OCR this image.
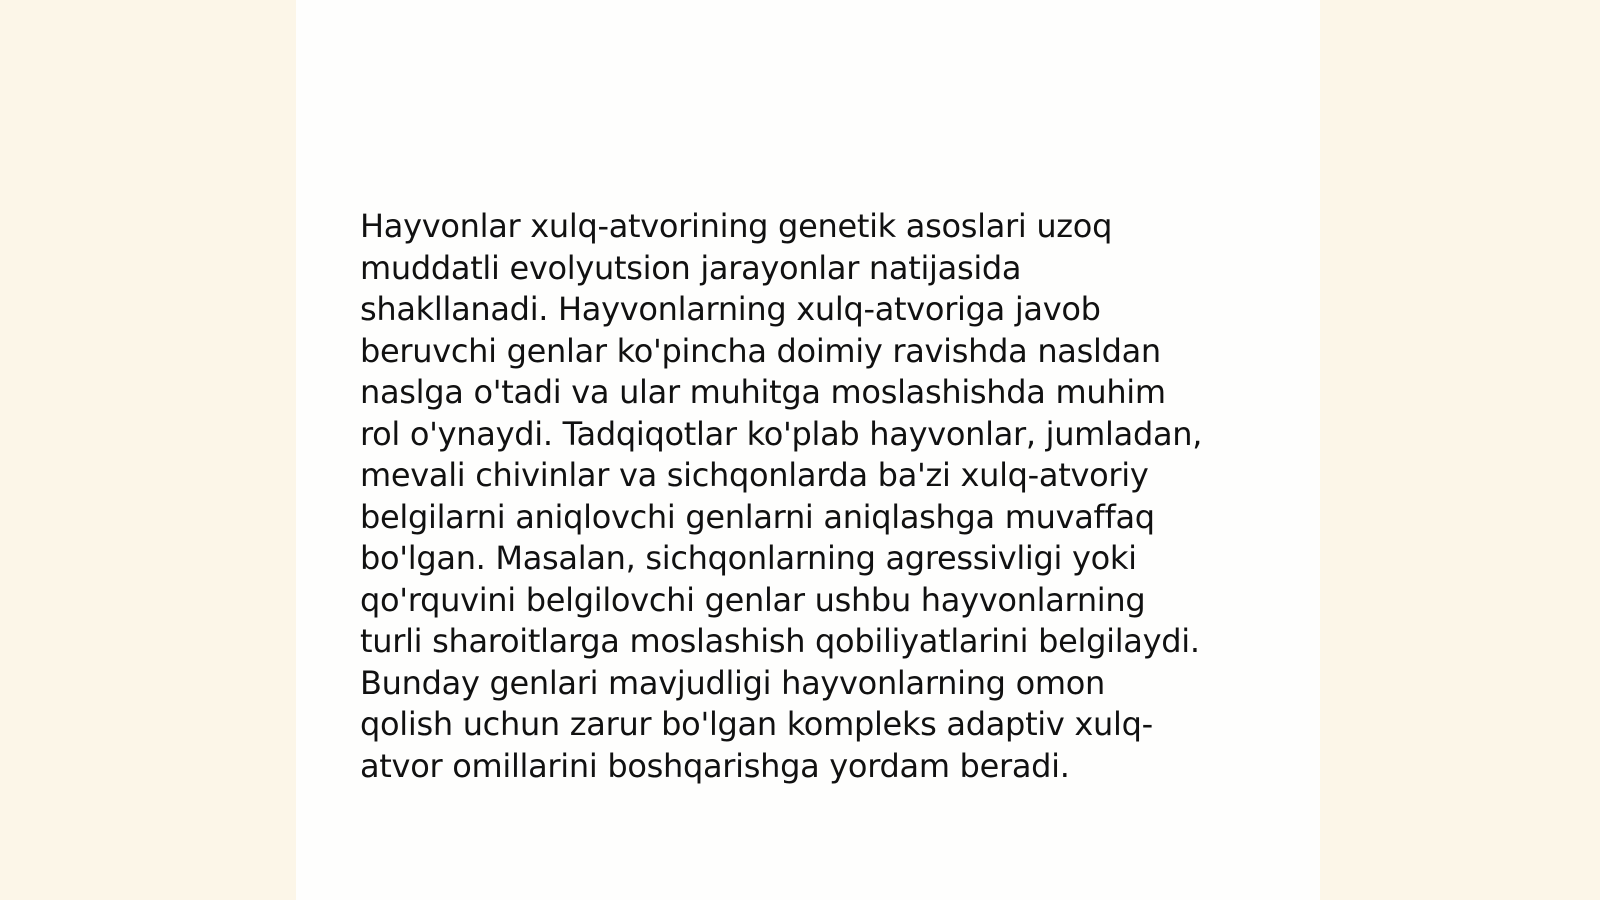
Hayvonlar xulq-atvorining genetik asoslari uzoq
muddatli evolyutsion jarayonlar natijasida
shakllanadi. Hayvonlarning xulq-atvoriga javob
beruvchi genlar ko'pincha doimiy ravishda nasldan
naslga o'tadi va ular muhitga moslashishda muhim
rol o'ynaydi. Tadqiqotlar ko'plab hayvonlar, jumladan,
mevali chivinlar va sichqonlarda ba'zi xulq-atvoriy
belgilarni aniqlovchi genlarni aniqlashga muvaffaq
bo'lgan. Masalan, sichqonlarning agressivligi yoki
qo'rquvini belgilovchi genlar ushbu hayvonlarning
turli sharoitlarga moslashish qobiliyatlarini belgilaydi.
Bunday genlari mavjudligi hayvonlarning omon
qolish uchun zarur bo'lgan kompleks adaptiv xulq-
atvor omillarini boshqarishga yordam beradi.
